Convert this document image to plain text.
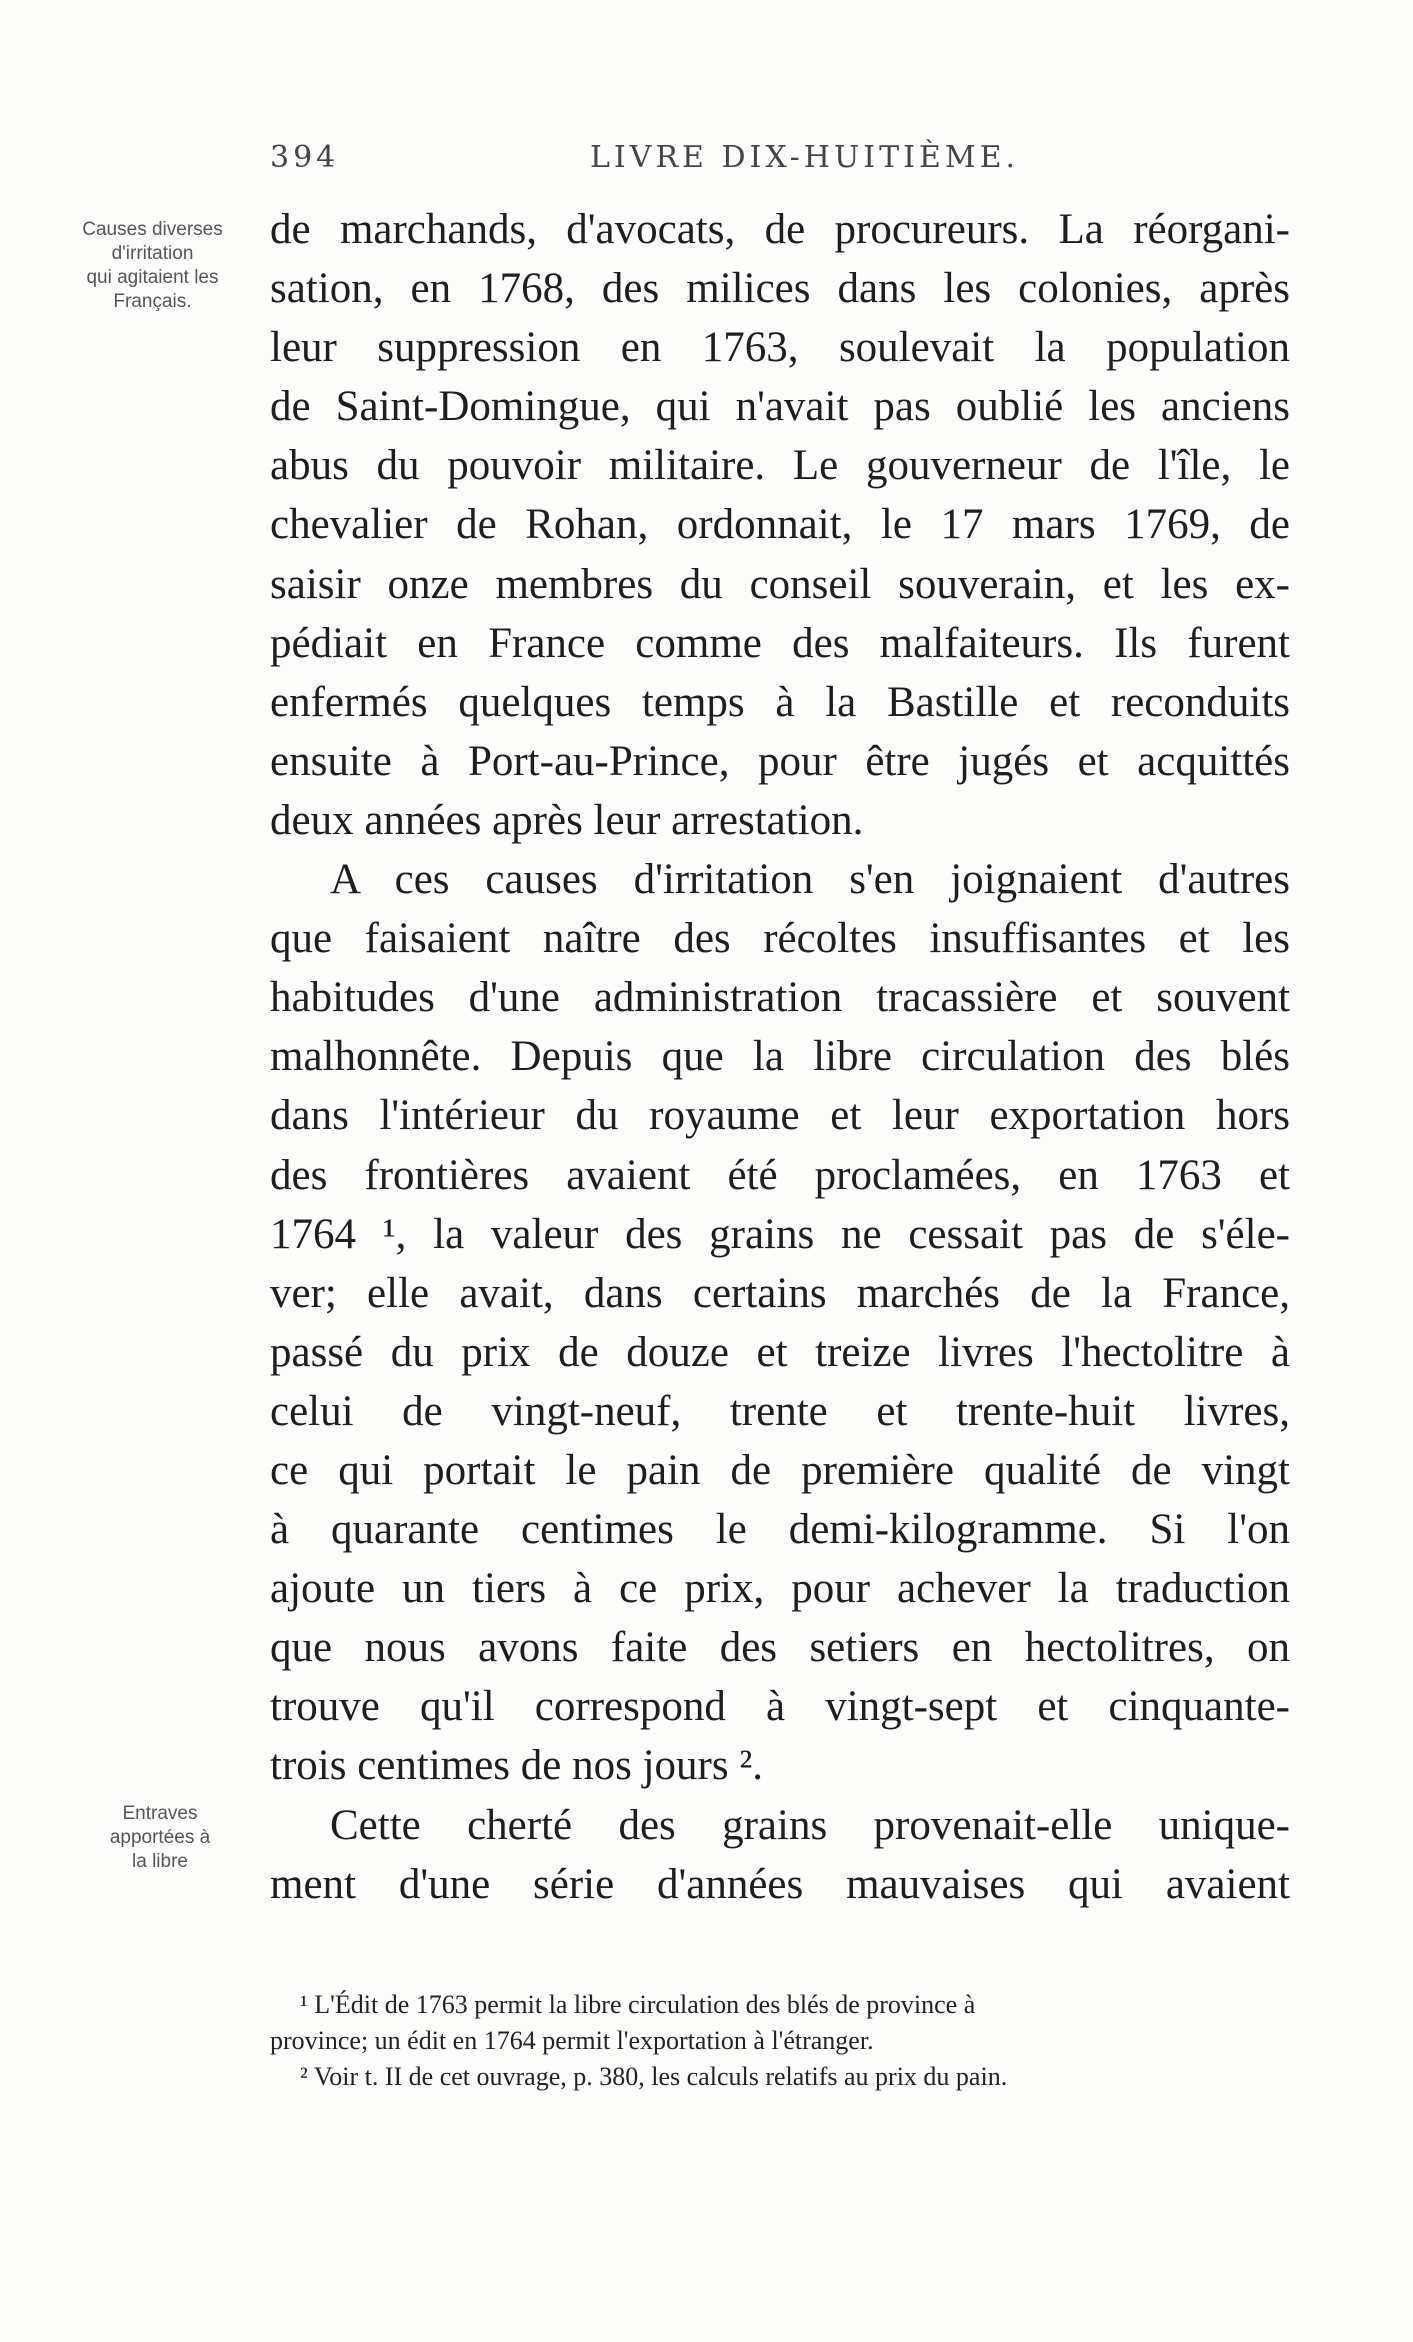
394	LIVRE DIX-HUITIÈME.
Causes diverses
d'irritation
qui agitaient les
Français.
Entraves
apportées à
la libre
de marchands, d'avocats, de procureurs. La réorgani-
sation, en 1768, des milices dans les colonies, après
leur suppression en 1763, soulevait la population
de Saint-Domingue, qui n'avait pas oublié les anciens
abus du pouvoir militaire. Le gouverneur de l'île, le
chevalier de Rohan, ordonnait, le 17 mars 1769, de
saisir onze membres du conseil souverain, et les ex-
pédiait en France comme des malfaiteurs. Ils furent
enfermés quelques temps à la Bastille et reconduits
ensuite à Port-au-Prince, pour être jugés et acquittés
deux années après leur arrestation.
A ces causes d'irritation s'en joignaient d'autres
que faisaient naître des récoltes insuffisantes et les
habitudes d'une administration tracassière et souvent
malhonnête. Depuis que la libre circulation des blés
dans l'intérieur du royaume et leur exportation hors
des frontières avaient été proclamées, en 1763 et
1764 ¹, la valeur des grains ne cessait pas de s'éle-
ver; elle avait, dans certains marchés de la France,
passé du prix de douze et treize livres l'hectolitre à
celui de vingt-neuf, trente et trente-huit livres,
ce qui portait le pain de première qualité de vingt
à quarante centimes le demi-kilogramme. Si l'on
ajoute un tiers à ce prix, pour achever la traduction
que nous avons faite des setiers en hectolitres, on
trouve qu'il correspond à vingt-sept et cinquante-
trois centimes de nos jours ².
Cette cherté des grains provenait-elle unique-
ment d'une série d'années mauvaises qui avaient
¹ L'Édit de 1763 permit la libre circulation des blés de province à
province; un édit en 1764 permit l'exportation à l'étranger.
² Voir t. II de cet ouvrage, p. 380, les calculs relatifs au prix du pain.
